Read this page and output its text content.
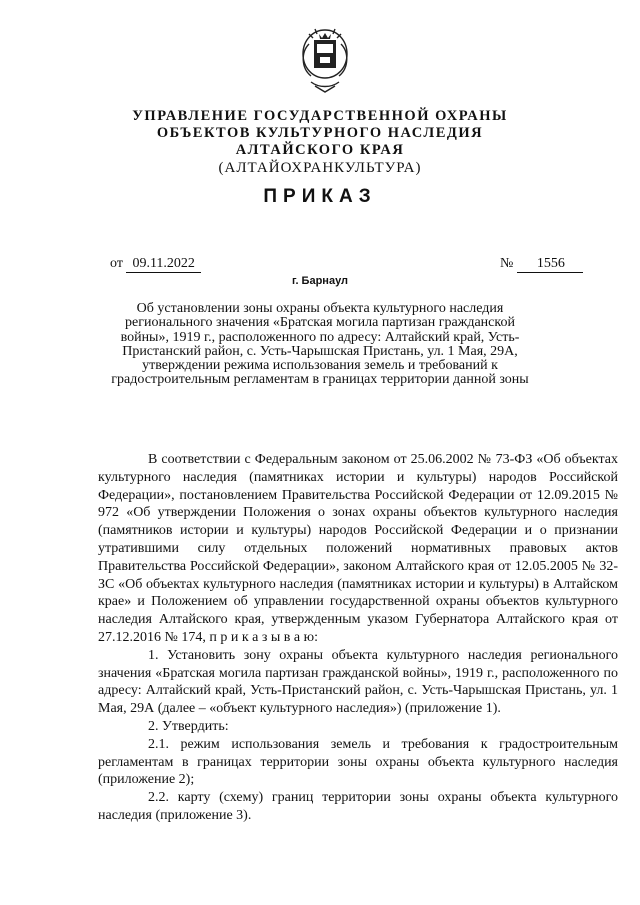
УПРАВЛЕНИЕ ГОСУДАРСТВЕННОЙ ОХРАНЫ
ОБЪЕКТОВ КУЛЬТУРНОГО НАСЛЕДИЯ
АЛТАЙСКОГО КРАЯ
(АЛТАЙОХРАНКУЛЬТУРА)
ПРИКАЗ
от 09.11.2022	№ 1556
г. Барнаул
Об установлении зоны охраны объекта культурного наследия регионального значения «Братская могила партизан гражданской войны», 1919 г., расположенного по адресу: Алтайский край, Усть-Пристанский район, с. Усть-Чарышская Пристань, ул. 1 Мая, 29А, утверждении режима использования земель и требований к градостроительным регламентам в границах территории данной зоны

В соответствии с Федеральным законом от 25.06.2002 № 73-ФЗ «Об объектах культурного наследия (памятниках истории и культуры) народов Российской Федерации», постановлением Правительства Российской Федерации от 12.09.2015 № 972 «Об утверждении Положения о зонах охраны объектов культурного наследия (памятников истории и культуры) народов Российской Федерации и о признании утратившими силу отдельных положений нормативных правовых актов Правительства Российской Федерации», законом Алтайского края от 12.05.2005 № 32-ЗС «Об объектах культурного наследия (памятниках истории и культуры) в Алтайском крае» и Положением об управлении государственной охраны объектов культурного наследия Алтайского края, утвержденным указом Губернатора Алтайского края от 27.12.2016 № 174, п р и к а з ы в а ю:

1. Установить зону охраны объекта культурного наследия регионального значения «Братская могила партизан гражданской войны», 1919 г., расположенного по адресу: Алтайский край, Усть-Пристанский район, с. Усть-Чарышская Пристань, ул. 1 Мая, 29А (далее – «объект культурного наследия») (приложение 1).

2. Утвердить:

2.1. режим использования земель и требования к градостроительным регламентам в границах территории зоны охраны объекта культурного наследия (приложение 2);

2.2. карту (схему) границ территории зоны охраны объекта культурного наследия (приложение 3).
